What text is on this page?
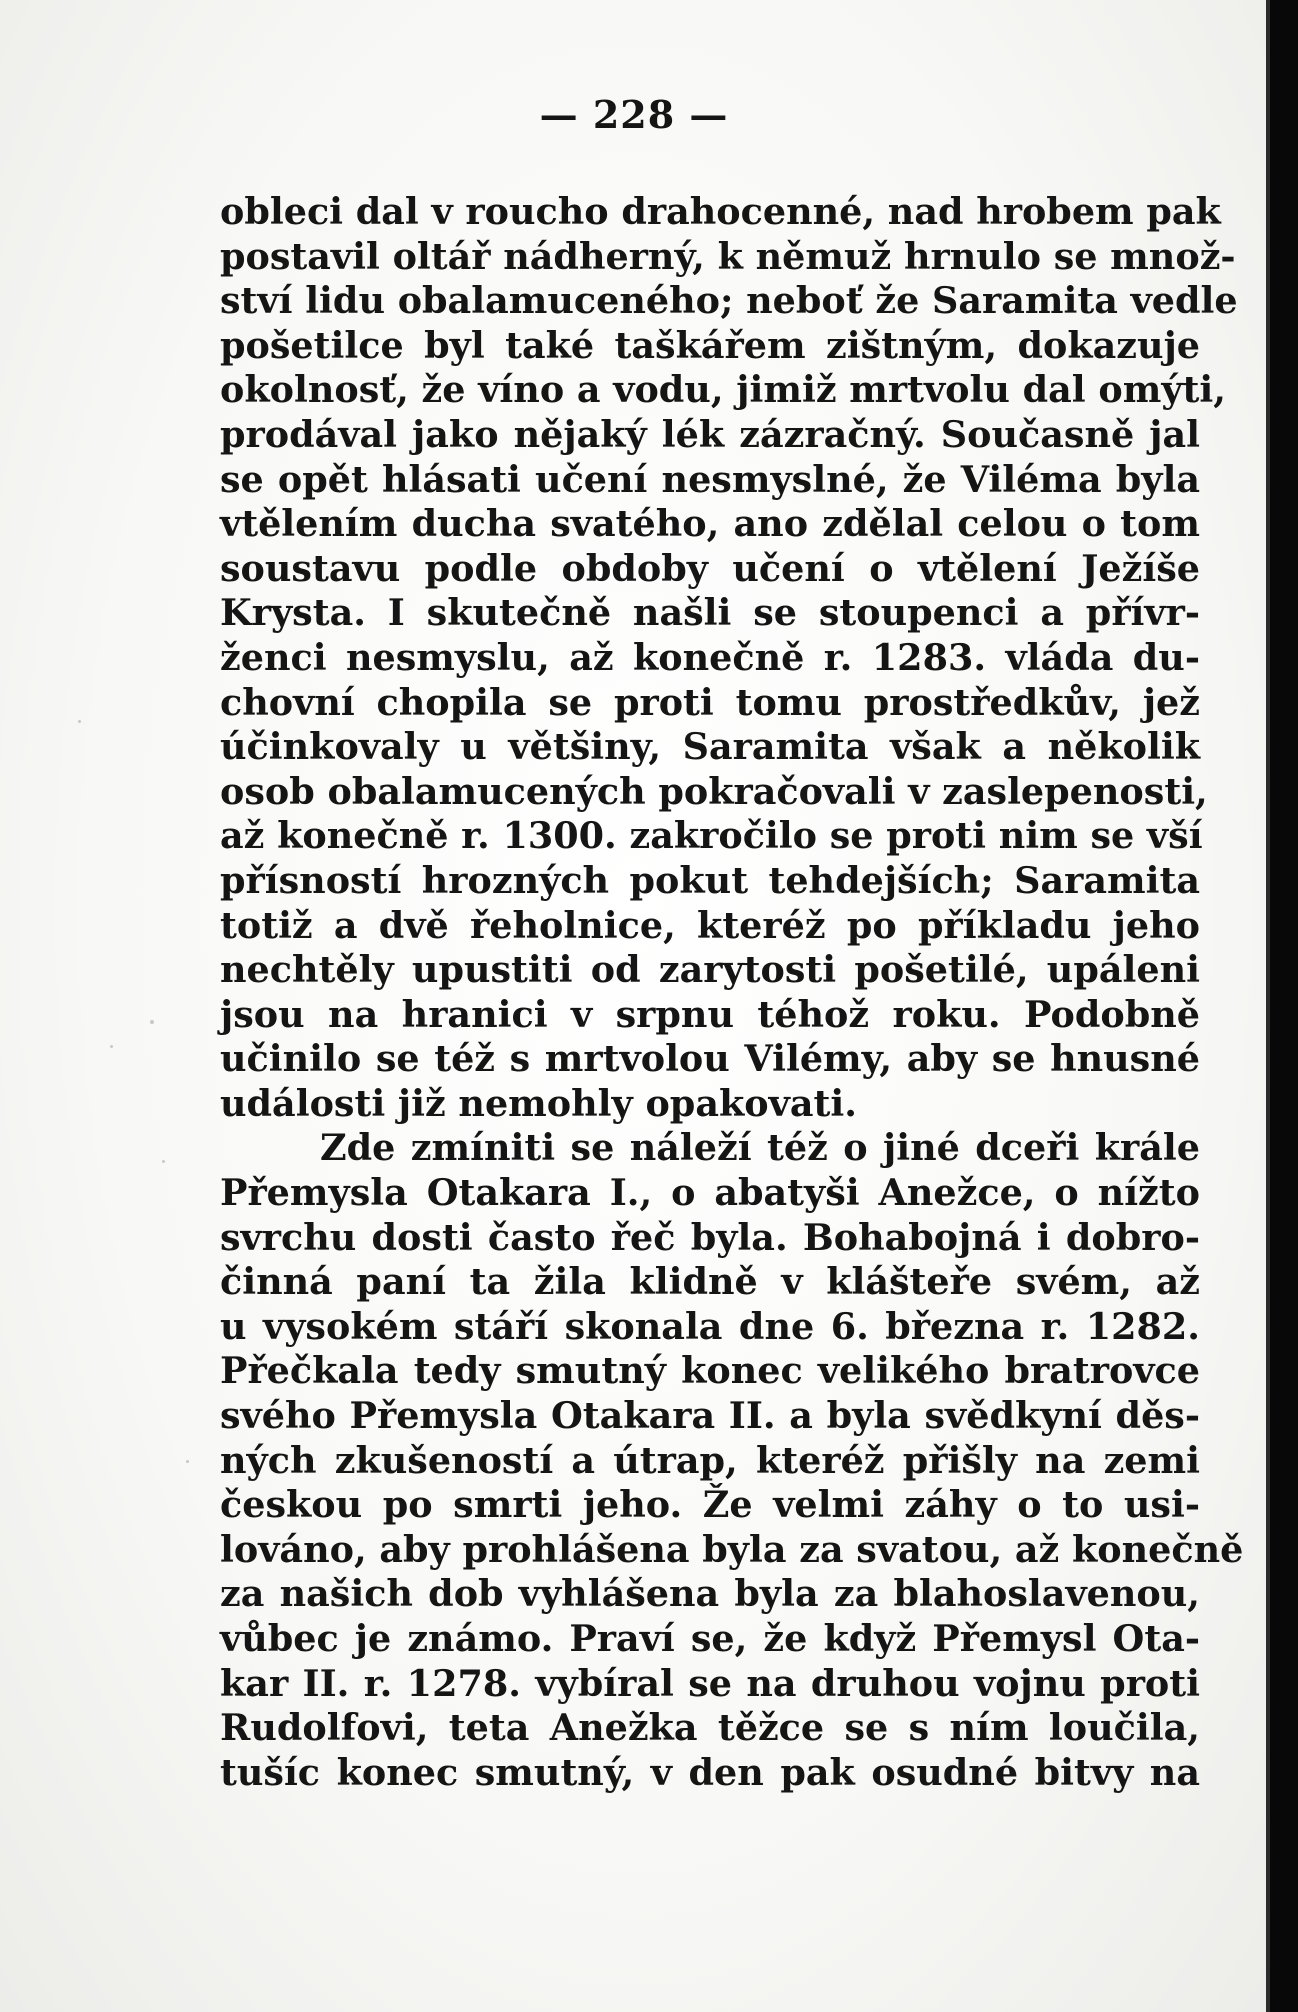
— 228 —
obleci dal v roucho drahocenné, nad hrobem pak
postavil oltář nádherný, k němuž hrnulo se množ-
ství lidu obalamuceného; neboť že Saramita vedle
pošetilce byl také taškářem zištným, dokazuje
okolnosť, že víno a vodu, jimiž mrtvolu dal omýti,
prodával jako nějaký lék zázračný. Současně jal
se opět hlásati učení nesmyslné, že Viléma byla
vtělením ducha svatého, ano zdělal celou o tom
soustavu podle obdoby učení o vtělení Ježíše
Krysta. I skutečně našli se stoupenci a přívr-
ženci nesmyslu, až konečně r. 1283. vláda du-
chovní chopila se proti tomu prostředkův, jež
účinkovaly u většiny, Saramita však a několik
osob obalamucených pokračovali v zaslepenosti,
až konečně r. 1300. zakročilo se proti nim se vší
přísností hrozných pokut tehdejších; Saramita
totiž a dvě řeholnice, kteréž po příkladu jeho
nechtěly upustiti od zarytosti pošetilé, upáleni
jsou na hranici v srpnu téhož roku. Podobně
učinilo se též s mrtvolou Vilémy, aby se hnusné
události již nemohly opakovati.
Zde zmíniti se náleží též o jiné dceři krále
Přemysla Otakara I., o abatyši Anežce, o nížto
svrchu dosti často řeč byla. Bohabojná i dobro-
činná paní ta žila klidně v klášteře svém, až
u vysokém stáří skonala dne 6. března r. 1282.
Přečkala tedy smutný konec velikého bratrovce
svého Přemysla Otakara II. a byla svědkyní děs-
ných zkušeností a útrap, kteréž přišly na zemi
českou po smrti jeho. Že velmi záhy o to usi-
lováno, aby prohlášena byla za svatou, až konečně
za našich dob vyhlášena byla za blahoslavenou,
vůbec je známo. Praví se, že když Přemysl Ota-
kar II. r. 1278. vybíral se na druhou vojnu proti
Rudolfovi, teta Anežka těžce se s ním loučila,
tušíc konec smutný, v den pak osudné bitvy na
